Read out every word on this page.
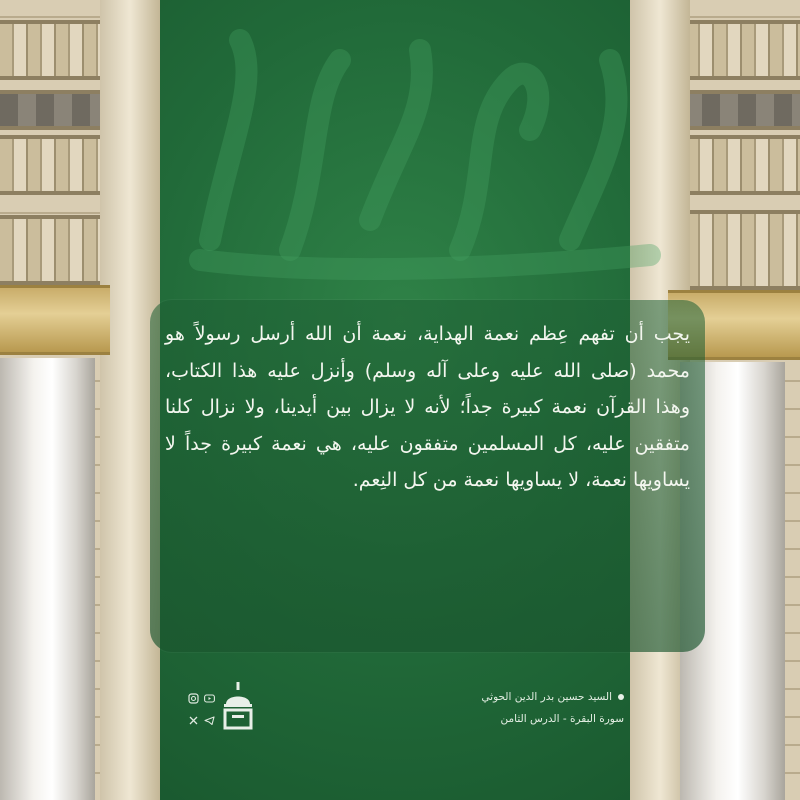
يجب أن تفهم عِظم نعمة الهداية، نعمة أن الله أرسل رسولاً هو محمد (صلى الله عليه وعلى آله وسلم) وأنزل عليه هذا الكتاب، وهذا القرآن نعمة كبيرة جداً؛ لأنه لا يزال بين أيدينا، ولا نزال كلنا متفقين عليه، كل المسلمين متفقون عليه، هي نعمة كبيرة جداً لا يساويها نعمة، لا يساويها نعمة من كل النِعم.

السيد حسين بدر الدين الحوثي
سورة البقرة - الدرس الثامن
